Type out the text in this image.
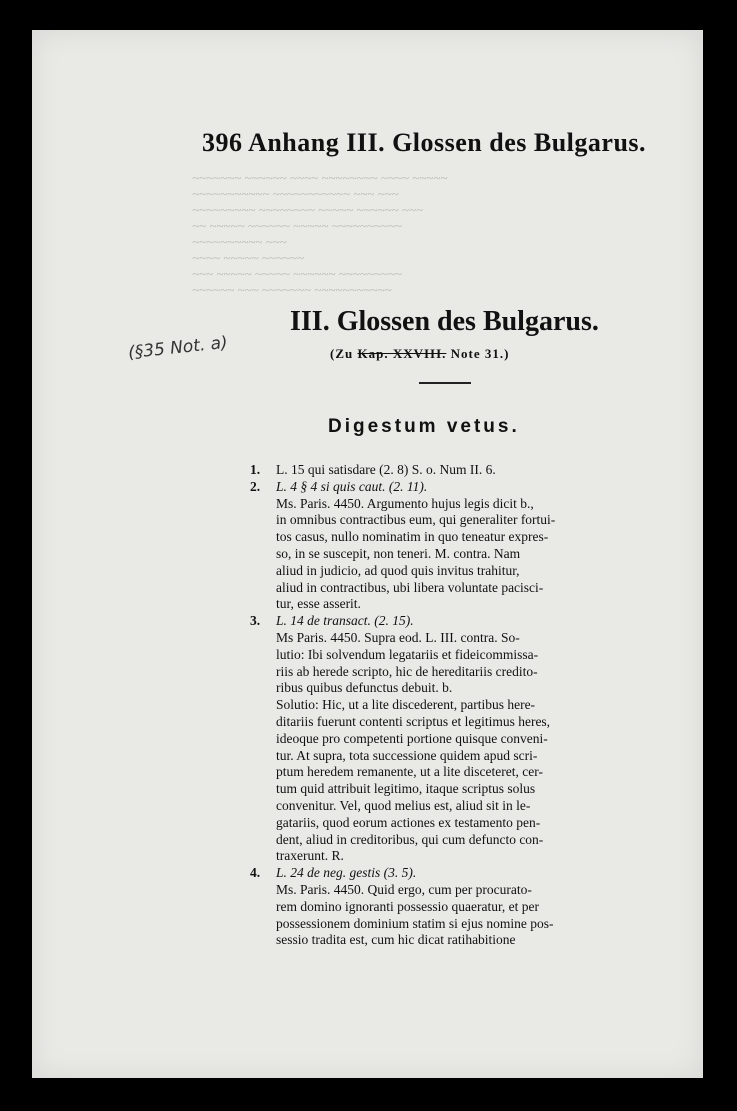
~~~~~~~ ~~~~~~ ~~~~ ~~~~~~~~ ~~~~ ~~~~~
~~~~~~~~~~~ ~~~~~~~~~~~ ~~~ ~~~
~~~~~~~~~ ~~~~~~~~ ~~~~~ ~~~~~~ ~~~
~~ ~~~~~ ~~~~~~ ~~~~~ ~~~~~~~~~~
~~~~~~~~~~ ~~~
~~~~ ~~~~~ ~~~~~~
~~~ ~~~~~ ~~~~~ ~~~~~~ ~~~~~~~~~
~~~~~~ ~~~ ~~~~~~~ ~~~~~~~~~~~

396 Anhang III. Glossen des Bulgarus.
III. Glossen des Bulgarus.
(Zu Kap. XXVIII. Note 31.)
(§35 Not. a)
Digestum vetus.
1. L. 15 qui satisdare (2. 8) S. o. Num II. 6.
2. L. 4 § 4 si quis caut. (2. 11).
Ms. Paris. 4450. Argumento hujus legis dicit b.,
in omnibus contractibus eum, qui generaliter fortui-
tos casus, nullo nominatim in quo teneatur expres-
so, in se suscepit, non teneri. M. contra. Nam
aliud in judicio, ad quod quis invitus trahitur,
aliud in contractibus, ubi libera voluntate pacisci-
tur, esse asserit.
3. L. 14 de transact. (2. 15).
Ms Paris. 4450. Supra eod. L. III. contra. So-
lutio: Ibi solvendum legatariis et fideicommissa-
riis ab herede scripto, hic de hereditariis credito-
ribus quibus defunctus debuit. b.
Solutio: Hic, ut a lite discederent, partibus here-
ditariis fuerunt contenti scriptus et legitimus heres,
ideoque pro competenti portione quisque conveni-
tur. At supra, tota successione quidem apud scri-
ptum heredem remanente, ut a lite disceteret, cer-
tum quid attribuit legitimo, itaque scriptus solus
convenitur. Vel, quod melius est, aliud sit in le-
gatariis, quod eorum actiones ex testamento pen-
dent, aliud in creditoribus, qui cum defuncto con-
traxerunt. R.
4. L. 24 de neg. gestis (3. 5).
Ms. Paris. 4450. Quid ergo, cum per procurato-
rem domino ignoranti possessio quaeratur, et per
possessionem dominium statim si ejus nomine pos-
sessio tradita est, cum hic dicat ratihabitione
